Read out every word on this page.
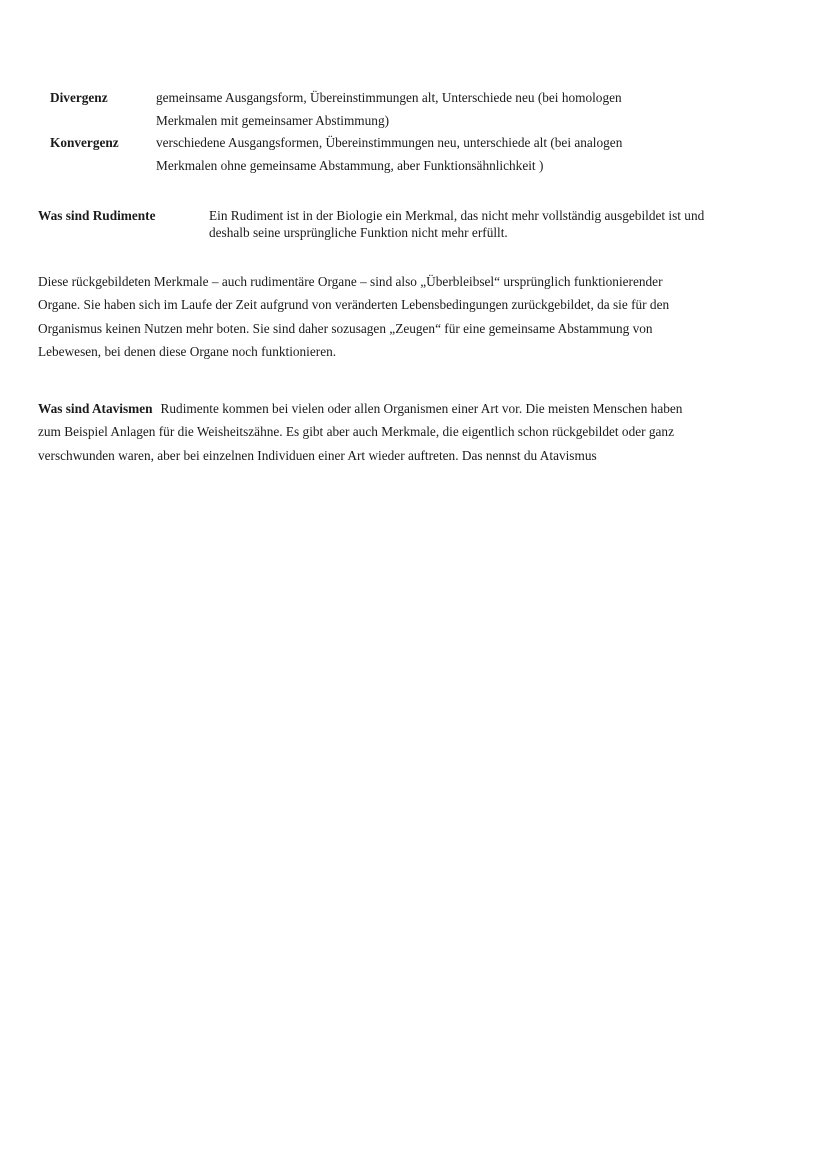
Divergenz	gemeinsame Ausgangsform, Übereinstimmungen alt, Unterschiede neu (bei homologen
Merkmalen mit gemeinsamer Abstimmung)
Konvergenz	verschiedene Ausgangsformen, Übereinstimmungen neu, unterschiede alt (bei analogen
Merkmalen ohne gemeinsame Abstammung, aber Funktionsähnlichkeit )
Was sind Rudimente	Ein Rudiment ist in der Biologie ein Merkmal, das nicht mehr vollständig ausgebildet ist und
deshalb seine ursprüngliche Funktion nicht mehr erfüllt.
Diese rückgebildeten Merkmale – auch rudimentäre Organe – sind also „Überbleibsel“ ursprünglich funktionierender
Organe. Sie haben sich im Laufe der Zeit aufgrund von veränderten Lebensbedingungen zurückgebildet, da sie für den
Organismus keinen Nutzen mehr boten. Sie sind daher sozusagen „Zeugen“ für eine gemeinsame Abstammung von
Lebewesen, bei denen diese Organe noch funktionieren.
Was sind Atavismen Rudimente kommen bei vielen oder allen Organismen einer Art vor. Die meisten Menschen haben
zum Beispiel Anlagen für die Weisheitszähne. Es gibt aber auch Merkmale, die eigentlich schon rückgebildet oder ganz
verschwunden waren, aber bei einzelnen Individuen einer Art wieder auftreten. Das nennst du Atavismus
